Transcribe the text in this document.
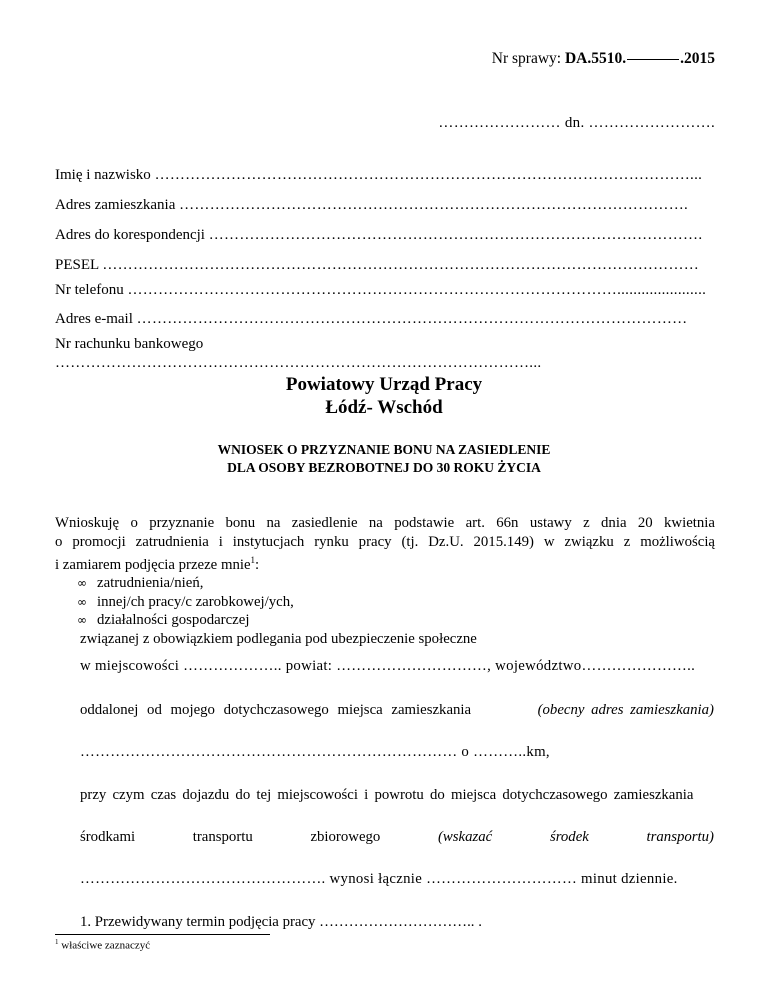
Nr sprawy: DA.5510.	.2015
…………………… dn. …………………….
Imię i nazwisko ……………………………………………………………………………………………...
Adres zamieszkania ……………………………………………………………………………………….
Adres do korespondencji …………………………………………………………………………………….
PESEL ………………………………………………………………………………………………………
Nr telefonu ……………………………………………………………………………………......................
Adres e-mail ………………………………………………………………………………………………
Nr rachunku bankowego
…………………………………………………………………………………...
Powiatowy Urząd Pracy
Łódź- Wschód
WNIOSEK O PRZYZNANIE BONU NA ZASIEDLENIE
DLA OSOBY BEZROBOTNEJ DO 30 ROKU ŻYCIA
Wnioskuję o przyznanie bonu na zasiedlenie na podstawie art. 66n ustawy z dnia 20 kwietnia
o promocji zatrudnienia i instytucjach rynku pracy (tj. Dz.U. 2015.149) w związku z możliwością
i zamiarem podjęcia przeze mnie$^1$:
∞ zatrudnienia/nień,
∞ innej/ch pracy/c zarobkowej/ych,
∞ działalności gospodarczej
związanej z obowiązkiem podlegania pod ubezpieczenie społeczne
w miejscowości ……………….. powiat: …………………………, województwo…………………..
oddalonej od mojego dotychczasowego miejsca zamieszkania	(obecny adres zamieszkania)
………………………………………………………………… o ………..km,
przy czym czas dojazdu do tej miejscowości i powrotu do miejsca dotychczasowego zamieszkania
środkami	transportu	zbiorowego	(wskazać	środek	transportu)
…………………………………………. wynosi łącznie ………………………… minut dziennie.
1. Przewidywany termin podjęcia pracy ………………………….. .
$^1$ właściwe zaznaczyć
